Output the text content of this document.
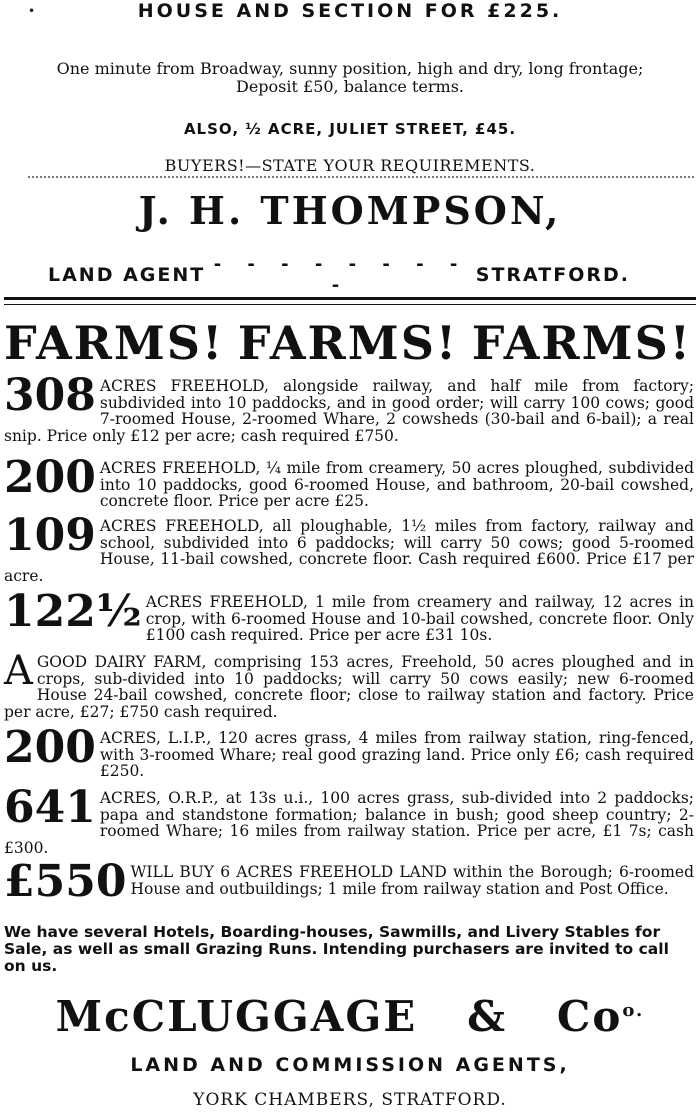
•	HOUSE AND SECTION FOR £225.
One minute from Broadway, sunny position, high and dry, long frontage;
Deposit £50, balance terms.
ALSO, ½ ACRE, JULIET STREET, £45.
BUYERS!—STATE YOUR REQUIREMENTS.
J. H. THOMPSON,
LAND AGENT - - - - - - - - -	STRATFORD.
FARMS! FARMS! FARMS!
308 ACRES FREEHOLD, alongside railway, and half mile from factory; subdivided into 10 paddocks, and in good order; will carry 100 cows; good 7-roomed House, 2-roomed Whare, 2 cowsheds (30-bail and 6-bail); a real snip. Price only £12 per acre; cash required £750.
200 ACRES FREEHOLD, ¼ mile from creamery, 50 acres ploughed, subdivided into 10 paddocks, good 6-roomed House, and bathroom, 20-bail cowshed, concrete floor. Price per acre £25.
109 ACRES FREEHOLD, all ploughable, 1½ miles from factory, railway and school, subdivided into 6 paddocks; will carry 50 cows; good 5-roomed House, 11-bail cowshed, concrete floor. Cash required £600. Price £17 per acre.
122½ ACRES FREEHOLD, 1 mile from creamery and railway, 12 acres in crop, with 6-roomed House and 10-bail cowshed, concrete floor. Only £100 cash required. Price per acre £31 10s.
A GOOD DAIRY FARM, comprising 153 acres, Freehold, 50 acres ploughed and in crops, sub-divided into 10 paddocks; will carry 50 cows easily; new 6-roomed House 24-bail cowshed, concrete floor; close to railway station and factory. Price per acre, £27; £750 cash required.
200 ACRES, L.I.P., 120 acres grass, 4 miles from railway station, ring-fenced, with 3-roomed Whare; real good grazing land. Price only £6; cash required £250.
641 ACRES, O.R.P., at 13s u.i., 100 acres grass, sub-divided into 2 paddocks; papa and standstone formation; balance in bush; good sheep country; 2-roomed Whare; 16 miles from railway station. Price per acre, £1 7s; cash £300.
£550 WILL BUY 6 ACRES FREEHOLD LAND within the Borough; 6-roomed House and outbuildings; 1 mile from railway station and Post Office.
We have several Hotels, Boarding-houses, Sawmills, and Livery Stables for Sale, as well as small Grazing Runs. Intending purchasers are invited to call on us.
McCLUGGAGE & $Co^{o.}$
LAND AND COMMISSION AGENTS,
YORK CHAMBERS, STRATFORD.
